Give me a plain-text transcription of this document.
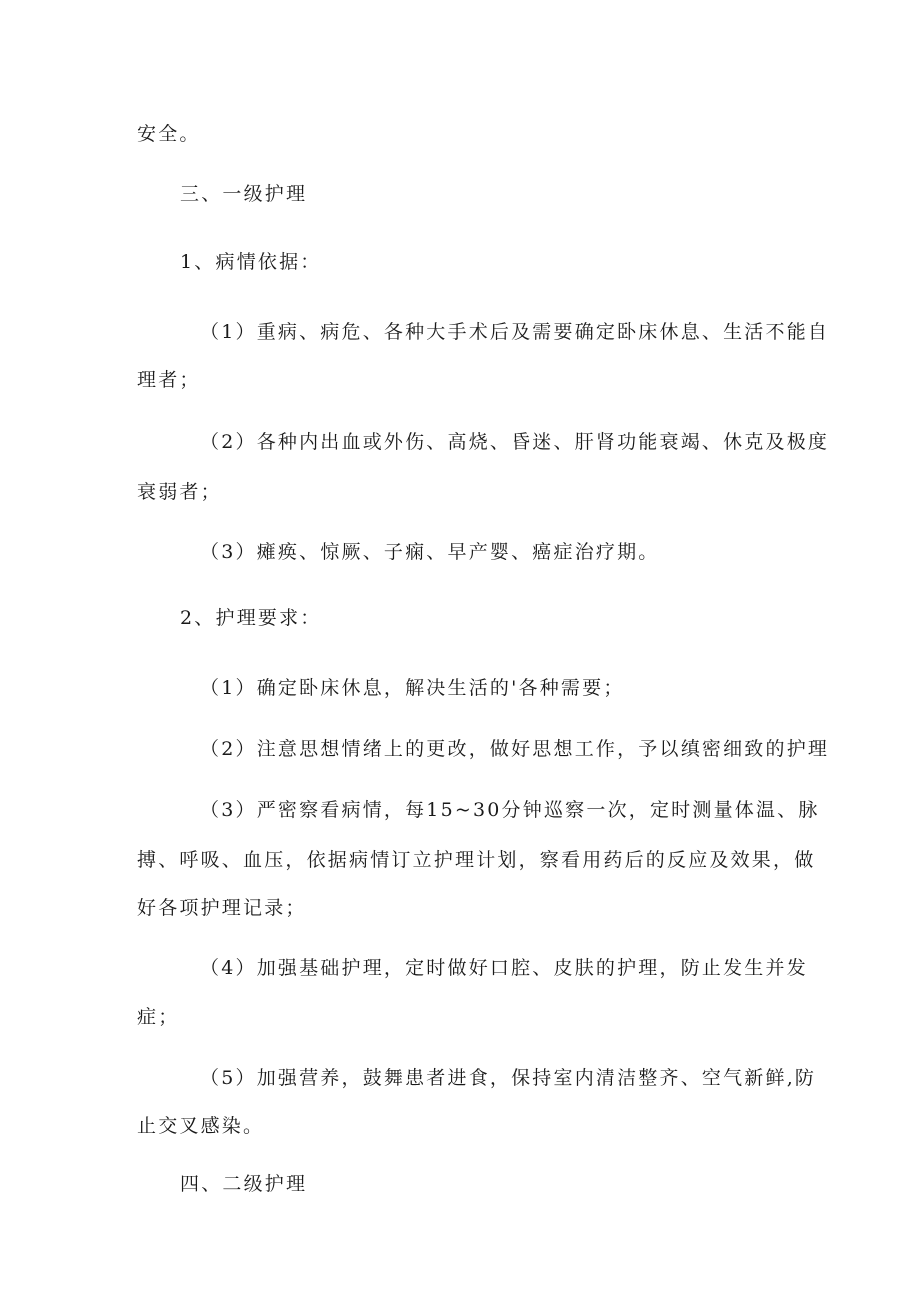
安全。
三、一级护理
1、病情依据：
（1）重病、病危、各种大手术后及需要确定卧床休息、生活不能自
理者；
（2）各种内出血或外伤、高烧、昏迷、肝肾功能衰竭、休克及极度
衰弱者；
（3）瘫痪、惊厥、子痫、早产婴、癌症治疗期。
2、护理要求：
（1）确定卧床休息，解决生活的'各种需要；
（2）注意思想情绪上的更改，做好思想工作，予以缜密细致的护理
（3）严密察看病情，每15~30分钟巡察一次，定时测量体温、脉
搏、呼吸、血压，依据病情订立护理计划，察看用药后的反应及效果，做
好各项护理记录；
（4）加强基础护理，定时做好口腔、皮肤的护理，防止发生并发
症；
（5）加强营养，鼓舞患者进食，保持室内清洁整齐、空气新鲜,防
止交叉感染。
四、二级护理
